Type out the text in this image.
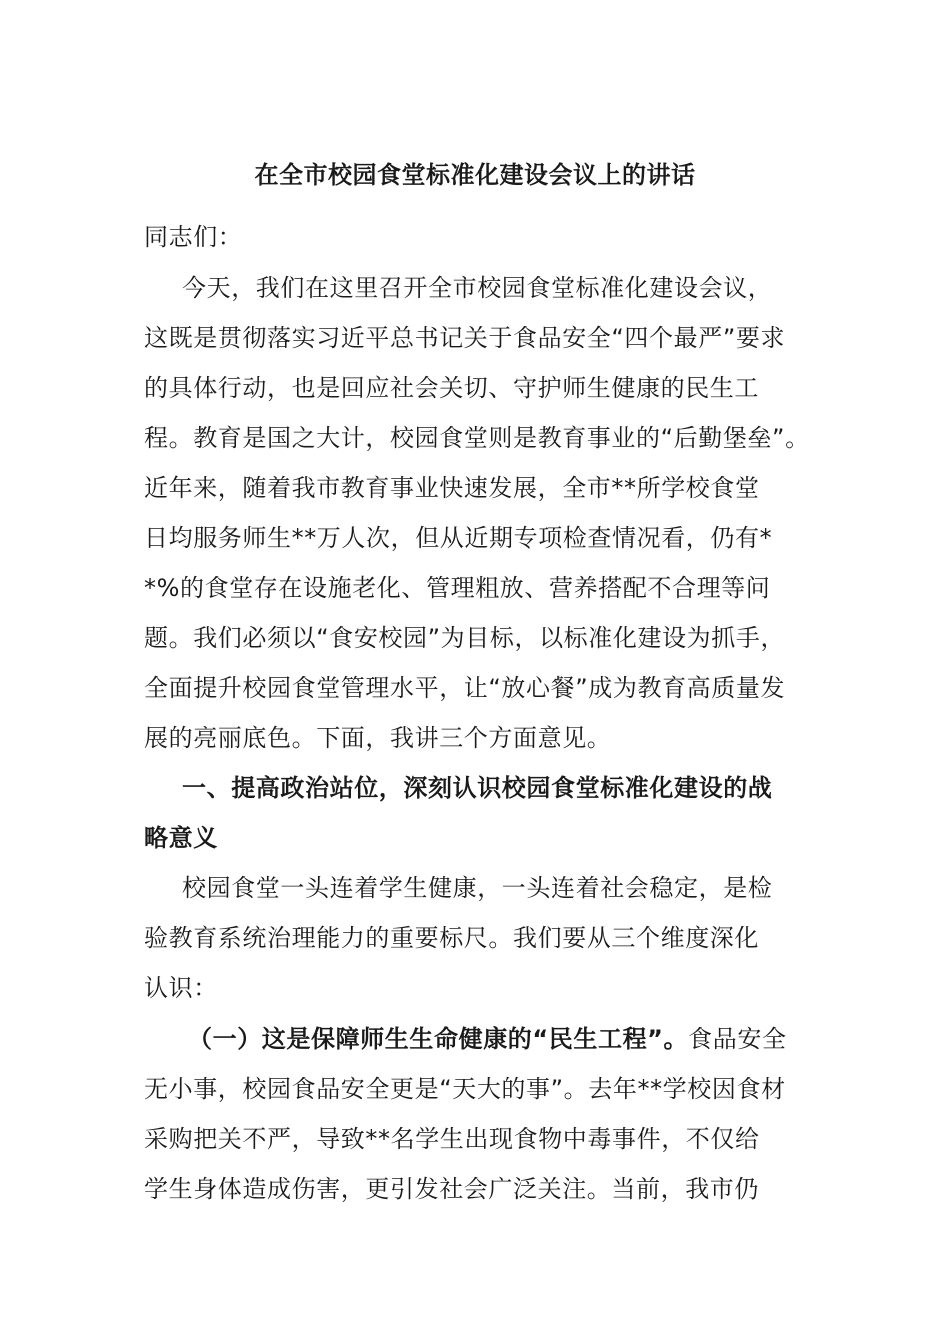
在全市校园食堂标准化建设会议上的讲话
同志们：
今天，我们在这里召开全市校园食堂标准化建设会议，
这既是贯彻落实习近平总书记关于食品安全“四个最严”要求
的具体行动，也是回应社会关切、守护师生健康的民生工
程。教育是国之大计，校园食堂则是教育事业的“后勤堡垒”。
近年来，随着我市教育事业快速发展，全市**所学校食堂
日均服务师生**万人次，但从近期专项检查情况看，仍有*
*%的食堂存在设施老化、管理粗放、营养搭配不合理等问
题。我们必须以“食安校园”为目标，以标准化建设为抓手，
全面提升校园食堂管理水平，让“放心餐”成为教育高质量发
展的亮丽底色。下面，我讲三个方面意见。
一、提高政治站位，深刻认识校园食堂标准化建设的战
略意义
校园食堂一头连着学生健康，一头连着社会稳定，是检
验教育系统治理能力的重要标尺。我们要从三个维度深化
认识：
（一）这是保障师生生命健康的“民生工程”。食品安全
无小事，校园食品安全更是“天大的事”。去年**学校因食材
采购把关不严，导致**名学生出现食物中毒事件，不仅给
学生身体造成伤害，更引发社会广泛关注。当前，我市仍
